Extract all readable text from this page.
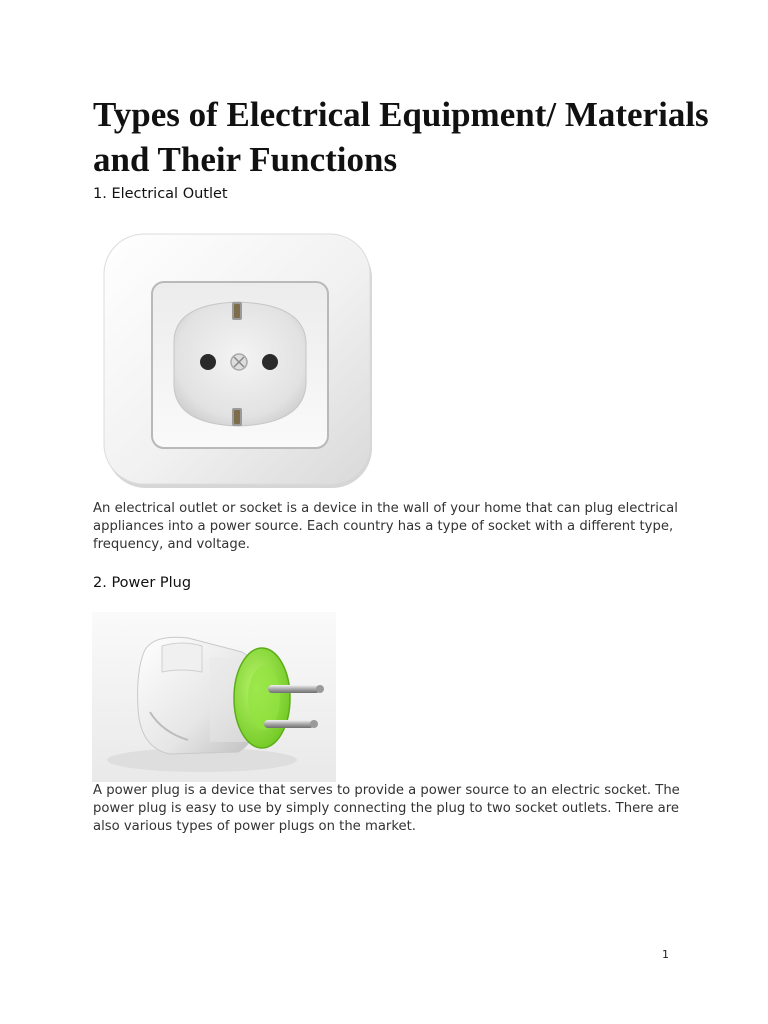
Types of Electrical Equipment/ Materials and Their Functions
1. Electrical Outlet

An electrical outlet or socket is a device in the wall of your home that can plug electrical appliances into a power source. Each country has a type of socket with a different type, frequency, and voltage.

2. Power Plug

A power plug is a device that serves to provide a power source to an electric socket. The power plug is easy to use by simply connecting the plug to two socket outlets. There are also various types of power plugs on the market.

1
